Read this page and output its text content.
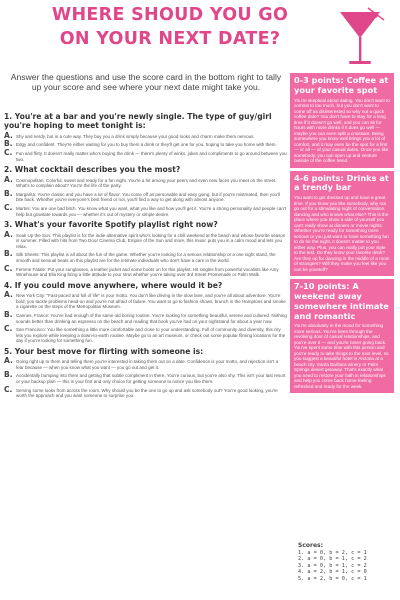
WHERE SHOUD YOU GO
ON YOUR NEXT DATE?
Answer the questions and use the score card in the bottom right to tally up your score and see where your next date might take you.
1. You're at a bar and you're newly single. The type of guy/girl you're hoping to meet tonight is:
A. Shy and nerdy, but in a cute way. They buy you a drink simply because your good looks and charm make them nervous.
B. Edgy and confident. They're either waiting for you to buy them a drink or they'll get one for you, hoping to take you home with them.
C. Fun and flirty. It doesn't really matter who's buying the drink — there's plenty of winks, jokes and compliments to go around between you two.
2. What cocktail describes you the most?
A. Cosmopolitan: Colorful, sweet and ready for a fun night. You're a hit among your peers and even new faces you meet on the street. What's to complain about? You're the life of the party.
B. Margarita: You're classic and you have a lot of flavor. You come off as personable and easy going, but if you're mistreated, then you'll bite back. Whether you're everyone's best friend or not, you'll find a way to get along with almost anyone.
C. Martini: You are one bad bitch. You know what you want, what you like and how you'll get it. You're a strong personality and people can't help but gravitate towards you — whether it's out of mystery or simple desire.
3. What's your favorite Spotify playlist right now?
A. Soak Up the Sun: This playlist is for the indie alternative spirit who's looking for a chill weekend at the beach and whose favorite season is summer. Filled with hits from Two Door Cinema Club, Empire of the Sun and more, this music puts you in a calm mood and lets you relax.
B. Silk Sheets: This playlist is all about the fun of the game. Whether you're looking for a serious relationship or a one night stand, the smooth and sensual beats on this playlist are for the intimate individuals who don't have a care in the world.
C. Femme Fatale: Put your sunglasses, a leather jacket and some boots on for this playlist. Hit singles from powerful vocalists like Amy Winehouse and Ella King bring a little attitude to your strut whether you're taking over 3rd Street Promenade or Palm Walk.
4. If you could move anywhere, where would it be?
A. New York City: "Fast-paced and full of life" is your motto. You don't like driving in the slow lane, and you're all about adventure. You're bold, you tackle problems head-on and you're not afraid of failure. You want to go to fashion shows, brunch in the Hamptons and smoke a cigarette on the steps of the Metropolitan Museum.
B. Cannes, France: You've had enough of the same old boring routine. You're looking for something beautiful, serene and cultured. Nothing sounds better than drinking an espresso on the beach and reading that book you've had on your nightstand for about a year now.
C. San Francisco: You like something a little more comfortable and close to your understanding. Full of community and diversity, this city lets you explore while keeping a down-to-earth routine. Maybe go to an art museum, or check out some popular filming locations for the day if you're looking for something fun.
5. Your best move for flirting with someone is:
A. Going right up to them and telling them you're interested in taking them out on a date. Confidence is your motto, and rejection isn't a fear because — when you know what you want — you go out and get it.
B. Accidentally bumping into them and getting that subtle compliment in there. You're curious, but you're also shy. This isn't your last resort or your backup plan — this is your first and only choice for getting someone to notice you like them.
C. Serving some looks from across the room. Why should you be the one to go up and ask somebody out? You're good looking, you're worth the approach and you want someone to surprise you.
0-3 points: Coffee at your favorite spot

You're skeptical about dating. You don't want to commit to too much, but you don't want to come off as disinterested so why not a quick coffee date? You don't have to stay for a long time if it doesn't go well, and you can sit for hours with more drinks if it does go well — maybe you can even split a croissant. Being somewhere you know well brings you a lot of comfort, and it may even be the spot for a first — or all — of your casual dates. Once you like somebody, you can open up and venture outside of the coffee trend.

4-6 points: Drinks at a trendy bar

You want to get dressed up and have a great time. If you know you like somebody, why not go out for a stimulating night of conversation, dancing and who knows what else? This is the place where you show a side of yourself you can't really show at dinners or movie nights. Whether you're ready for something more serious or you just want to have something fun to do for the night, it doesn't matter to you either way. Plus, you can really put your style to the test. Do they know your favorite drink? Are they up for dancing in the middle of a room of strangers? Will they make you feel like you can be yourself?

7-10 points: A weekend away somewhere intimate and romantic

You're absolutely in the mood for something more serious. You've been through the revolving door of casual relationships, and you're over it — and you're never going back. You've spent some time with this person and you're ready to take things to the next level, so you suggest a beautiful hotel in Arizona at a beach city. Santa Barbara winery or Palm Springs desert getaway. That's exactly what you need to restore your faith in relationships and help you come back home feeling refreshed and ready for the week.

Scores:
1. a = 0, b = 2, c = 1
2. a = 0, b = 1, c = 2
3. a = 0, b = 1, c = 2
4. a = 2, b = 1, c = 0
5. a = 2, b = 0, c = 1
